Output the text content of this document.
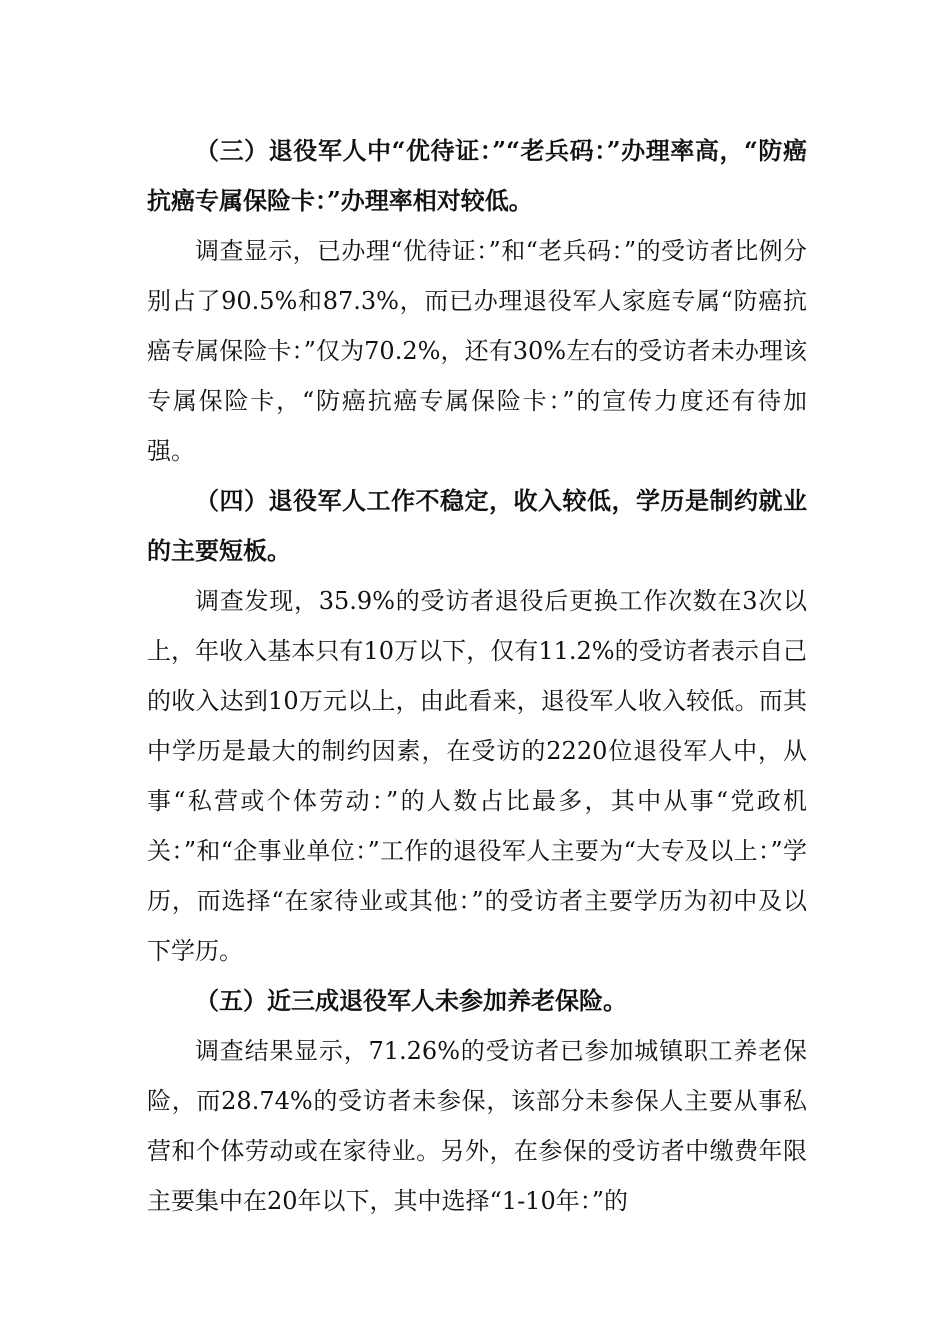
（三）退役军人中“优待证：”“老兵码：”办理率高，“防癌抗癌专属保险卡：”办理率相对较低。

调查显示，已办理“优待证：”和“老兵码：”的受访者比例分别占了90.5%和87.3%，而已办理退役军人家庭专属“防癌抗癌专属保险卡：”仅为70.2%，还有30%左右的受访者未办理该专属保险卡，“防癌抗癌专属保险卡：”的宣传力度还有待加强。

（四）退役军人工作不稳定，收入较低，学历是制约就业的主要短板。

调查发现，35.9%的受访者退役后更换工作次数在3次以上，年收入基本只有10万以下，仅有11.2%的受访者表示自己的收入达到10万元以上，由此看来，退役军人收入较低。而其中学历是最大的制约因素，在受访的2220位退役军人中，从事“私营或个体劳动：”的人数占比最多，其中从事“党政机关：”和“企事业单位：”工作的退役军人主要为“大专及以上：”学历，而选择“在家待业或其他：”的受访者主要学历为初中及以下学历。

（五）近三成退役军人未参加养老保险。

调查结果显示，71.26%的受访者已参加城镇职工养老保险，而28.74%的受访者未参保，该部分未参保人主要从事私营和个体劳动或在家待业。另外，在参保的受访者中缴费年限主要集中在20年以下，其中选择“1-10年：”的
